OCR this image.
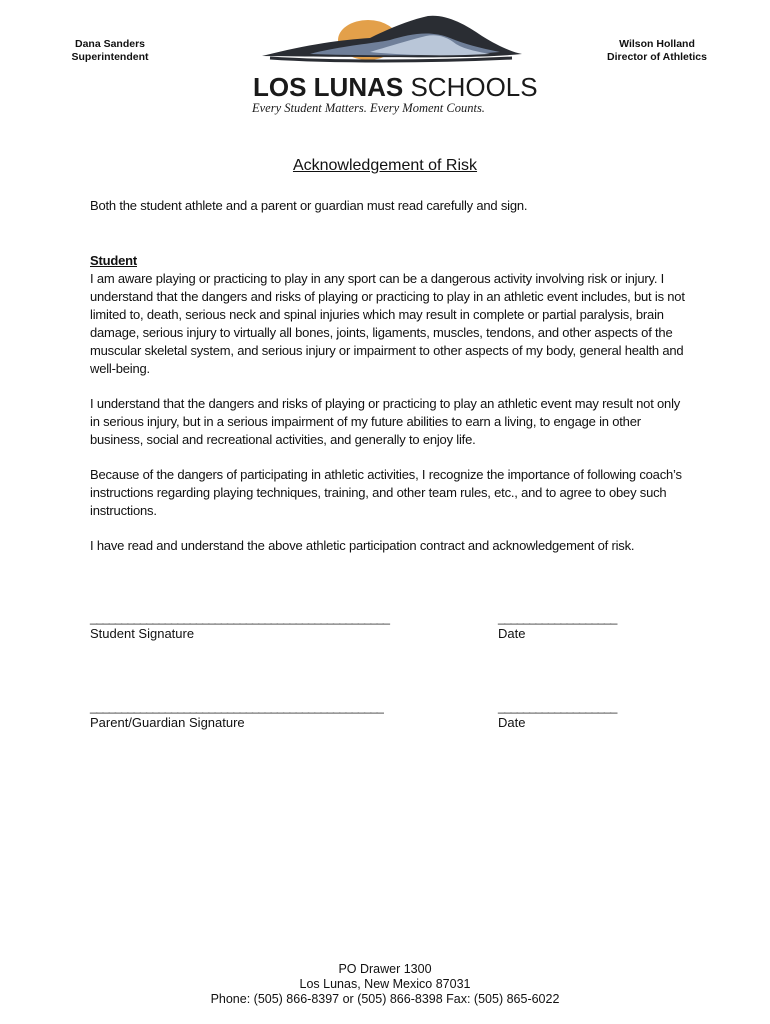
Dana Sanders
Superintendent
LOS LUNAS SCHOOLS
Every Student Matters. Every Moment Counts.
Wilson Holland
Director of Athletics
Acknowledgement of Risk

Both the student athlete and a parent or guardian must read carefully and sign.

Student
I am aware playing or practicing to play in any sport can be a dangerous activity involving risk or injury. I understand that the dangers and risks of playing or practicing to play in an athletic event includes, but is not limited to, death, serious neck and spinal injuries which may result in complete or partial paralysis, brain damage, serious injury to virtually all bones, joints, ligaments, muscles, tendons, and other aspects of the muscular skeletal system, and serious injury or impairment to other aspects of my body, general health and well-being.

I understand that the dangers and risks of playing or practicing to play an athletic event may result not only in serious injury, but in a serious impairment of my future abilities to earn a living, to engage in other business, social and recreational activities, and generally to enjoy life.

Because of the dangers of participating in athletic activities, I recognize the importance of following coach’s instructions regarding playing techniques, training, and other team rules, etc., and to agree to obey such instructions.

I have read and understand the above athletic participation contract and acknowledgement of risk.

________________________________________________
Student Signature
___________________
Date
_______________________________________________
Parent/Guardian Signature
___________________
Date
PO Drawer 1300
Los Lunas, New Mexico 87031
Phone: (505) 866-8397 or (505) 866-8398 Fax: (505) 865-6022
